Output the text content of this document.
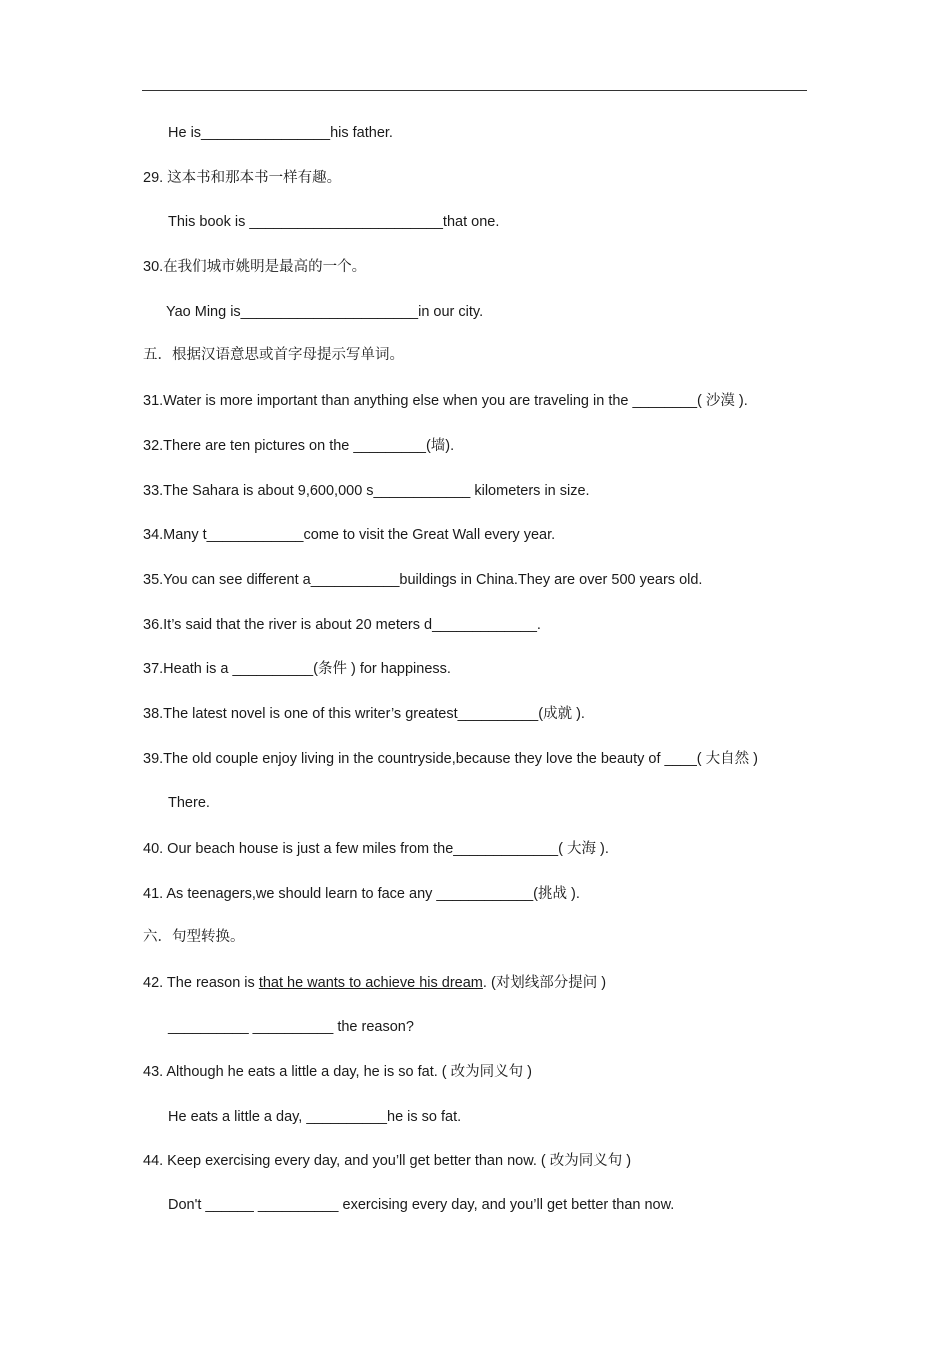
He is________________his father.
29. 这本书和那本书一样有趣。
This book is ________________________that one.
30.在我们城市姚明是最高的一个。
Yao Ming is______________________in our city.
五．根据汉语意思或首字母提示写单词。
31.Water is more important than anything else when you are traveling in the ________( 沙漠 ).
32.There are ten pictures on the _________(墙).
33.The Sahara is about 9,600,000 s____________ kilometers in size.
34.Many t____________come to visit the Great Wall every year.
35.You can see different a___________buildings in China.They are over 500 years old.
36.It’s said that the river is about 20 meters d_____________.
37.Heath is a __________(条件 ) for happiness.
38.The latest novel is one of this writer’s greatest__________(成就 ).
39.The old couple enjoy living in the countryside,because they love the beauty of ____( 大自然 )
There.
40. Our beach house is just a few miles from the_____________( 大海 ).
41. As teenagers,we should learn to face any ____________(挑战 ).
六．句型转换。
42. The reason is that he wants to achieve his dream. (对划线部分提问 )
__________ __________ the reason?
43. Although he eats a little a day, he is so fat. ( 改为同义句 )
He eats a little a day, __________he is so fat.
44. Keep exercising every day, and you’ll get better than now. ( 改为同义句 )
Don't ______ __________ exercising every day, and you’ll get better than now.
